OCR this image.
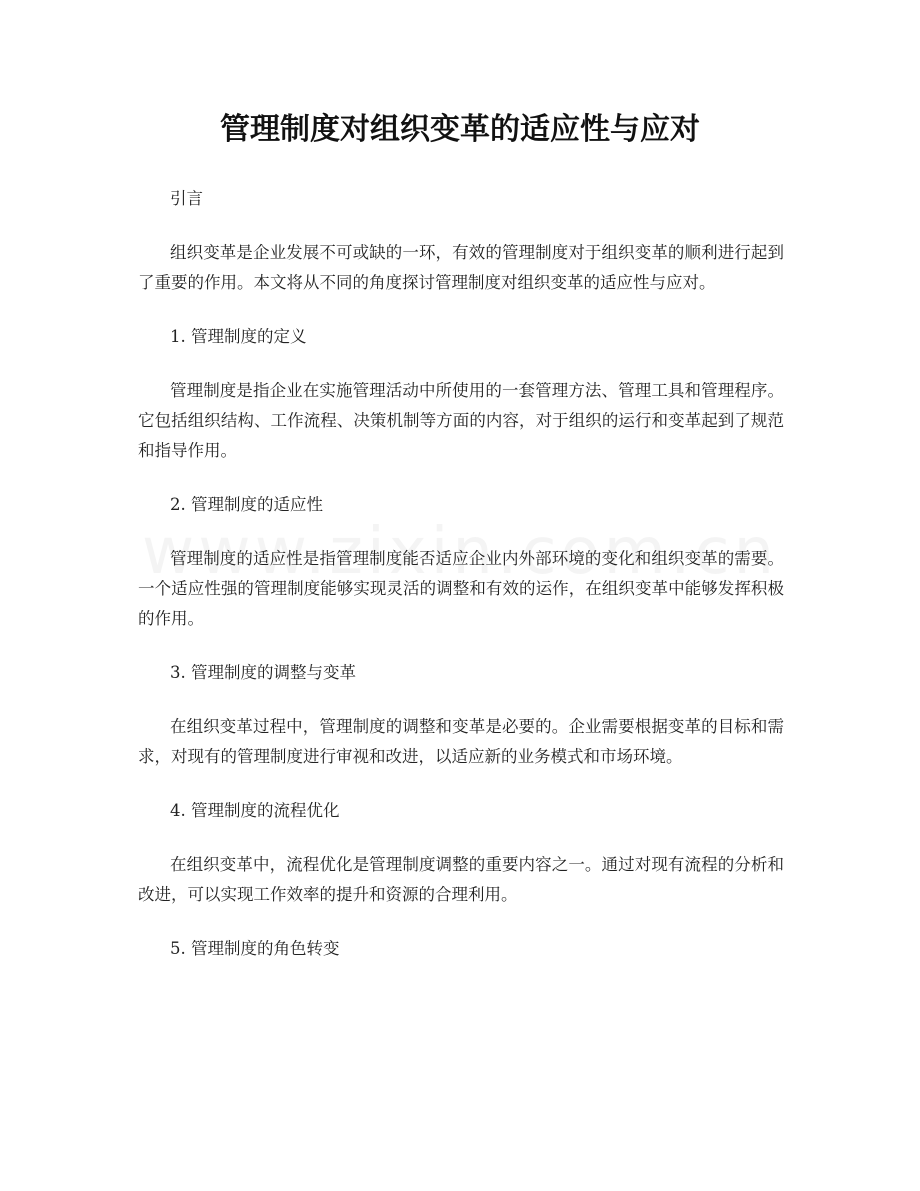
管理制度对组织变革的适应性与应对

引言

组织变革是企业发展不可或缺的一环，有效的管理制度对于组织变革的顺利进行起到了重要的作用。本文将从不同的角度探讨管理制度对组织变革的适应性与应对。

1. 管理制度的定义

管理制度是指企业在实施管理活动中所使用的一套管理方法、管理工具和管理程序。它包括组织结构、工作流程、决策机制等方面的内容，对于组织的运行和变革起到了规范和指导作用。

2. 管理制度的适应性

管理制度的适应性是指管理制度能否适应企业内外部环境的变化和组织变革的需要。一个适应性强的管理制度能够实现灵活的调整和有效的运作，在组织变革中能够发挥积极的作用。

3. 管理制度的调整与变革

在组织变革过程中，管理制度的调整和变革是必要的。企业需要根据变革的目标和需求，对现有的管理制度进行审视和改进，以适应新的业务模式和市场环境。

4. 管理制度的流程优化

在组织变革中，流程优化是管理制度调整的重要内容之一。通过对现有流程的分析和改进，可以实现工作效率的提升和资源的合理利用。

5. 管理制度的角色转变
